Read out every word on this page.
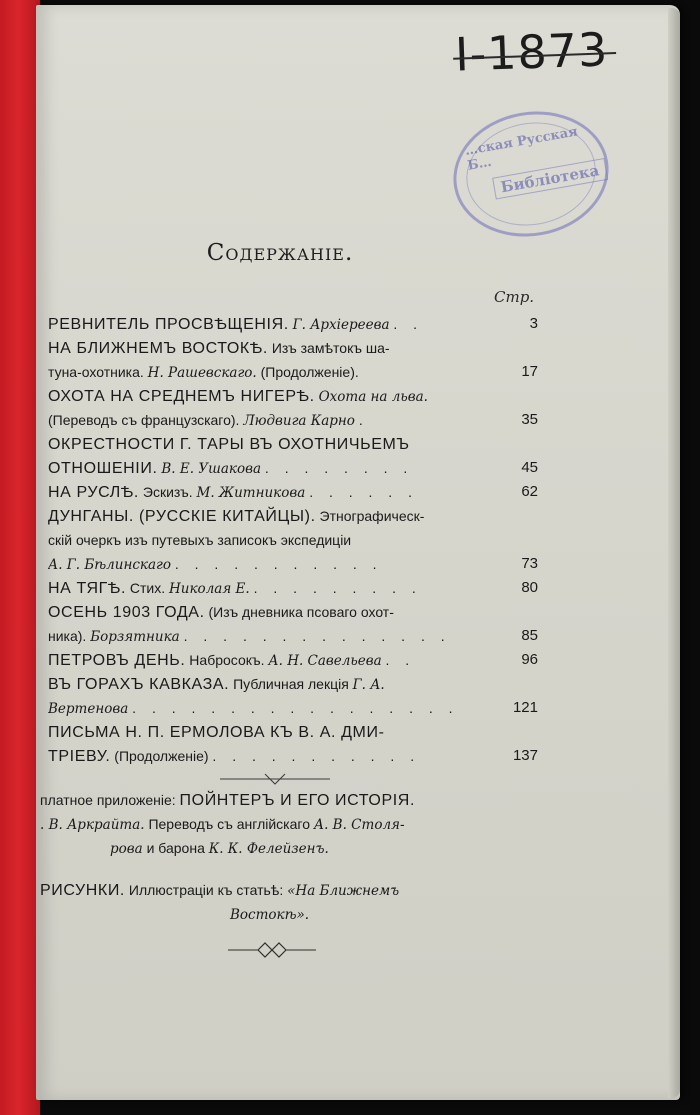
I-1873
…ская Русская Б… Библіотека
Содержаніе.
Стр.
РЕВНИТЕЛЬ ПРОСВѢЩЕНІЯ. Г. Архіереева . .	3
НА БЛИЖНЕМЪ ВОСТОКѢ. Изъ замѣтокъ ша-
туна-охотника. Н. Рашевскаго. (Продолженіе).	17
ОХОТА НА СРЕДНЕМЪ НИГЕРѢ. Охота на льва.
(Переводъ съ французскаго). Людвига Карно .	35
ОКРЕСТНОСТИ Г. ТАРЫ ВЪ ОХОТНИЧЬЕМЪ
ОТНОШЕНІИ. В. Е. Ушакова . . . . . . . .	45
НА РУСЛѢ. Эскизъ. М. Житникова . . . . . .	62
ДУНГАНЫ. (РУССКІЕ КИТАЙЦЫ). Этнографическ-
скій очеркъ изъ путевыхъ записокъ экспедиціи
А. Г. Бѣлинскаго . . . . . . . . . . .	73
НА ТЯГѢ. Стих. Николая Е. . . . . . . . . .	80
ОСЕНЬ 1903 ГОДА. (Изъ дневника псоваго охот-
ника). Борзятника . . . . . . . . . . . . . .	85
ПЕТРОВЪ ДЕНЬ. Набросокъ. А. Н. Савельева . .	96
ВЪ ГОРАХЪ КАВКАЗА. Публичная лекція Г. А.
Вертенова . . . . . . . . . . . . . . . . .	121
ПИСЬМА Н. П. ЕРМОЛОВА КЪ В. А. ДМИ-
ТРІЕВУ. (Продолженіе) . . . . . . . . . . .	137
платное приложеніе: ПОЙНТЕРЪ И ЕГО ИСТОРІЯ.
. В. Аркрайта. Переводъ съ англійскаго А. В. Столя-
рова и барона К. К. Фелейзенъ.
РИСУНКИ. Иллюстраціи къ статьѣ: «На Ближнемъ
Востокѣ».
